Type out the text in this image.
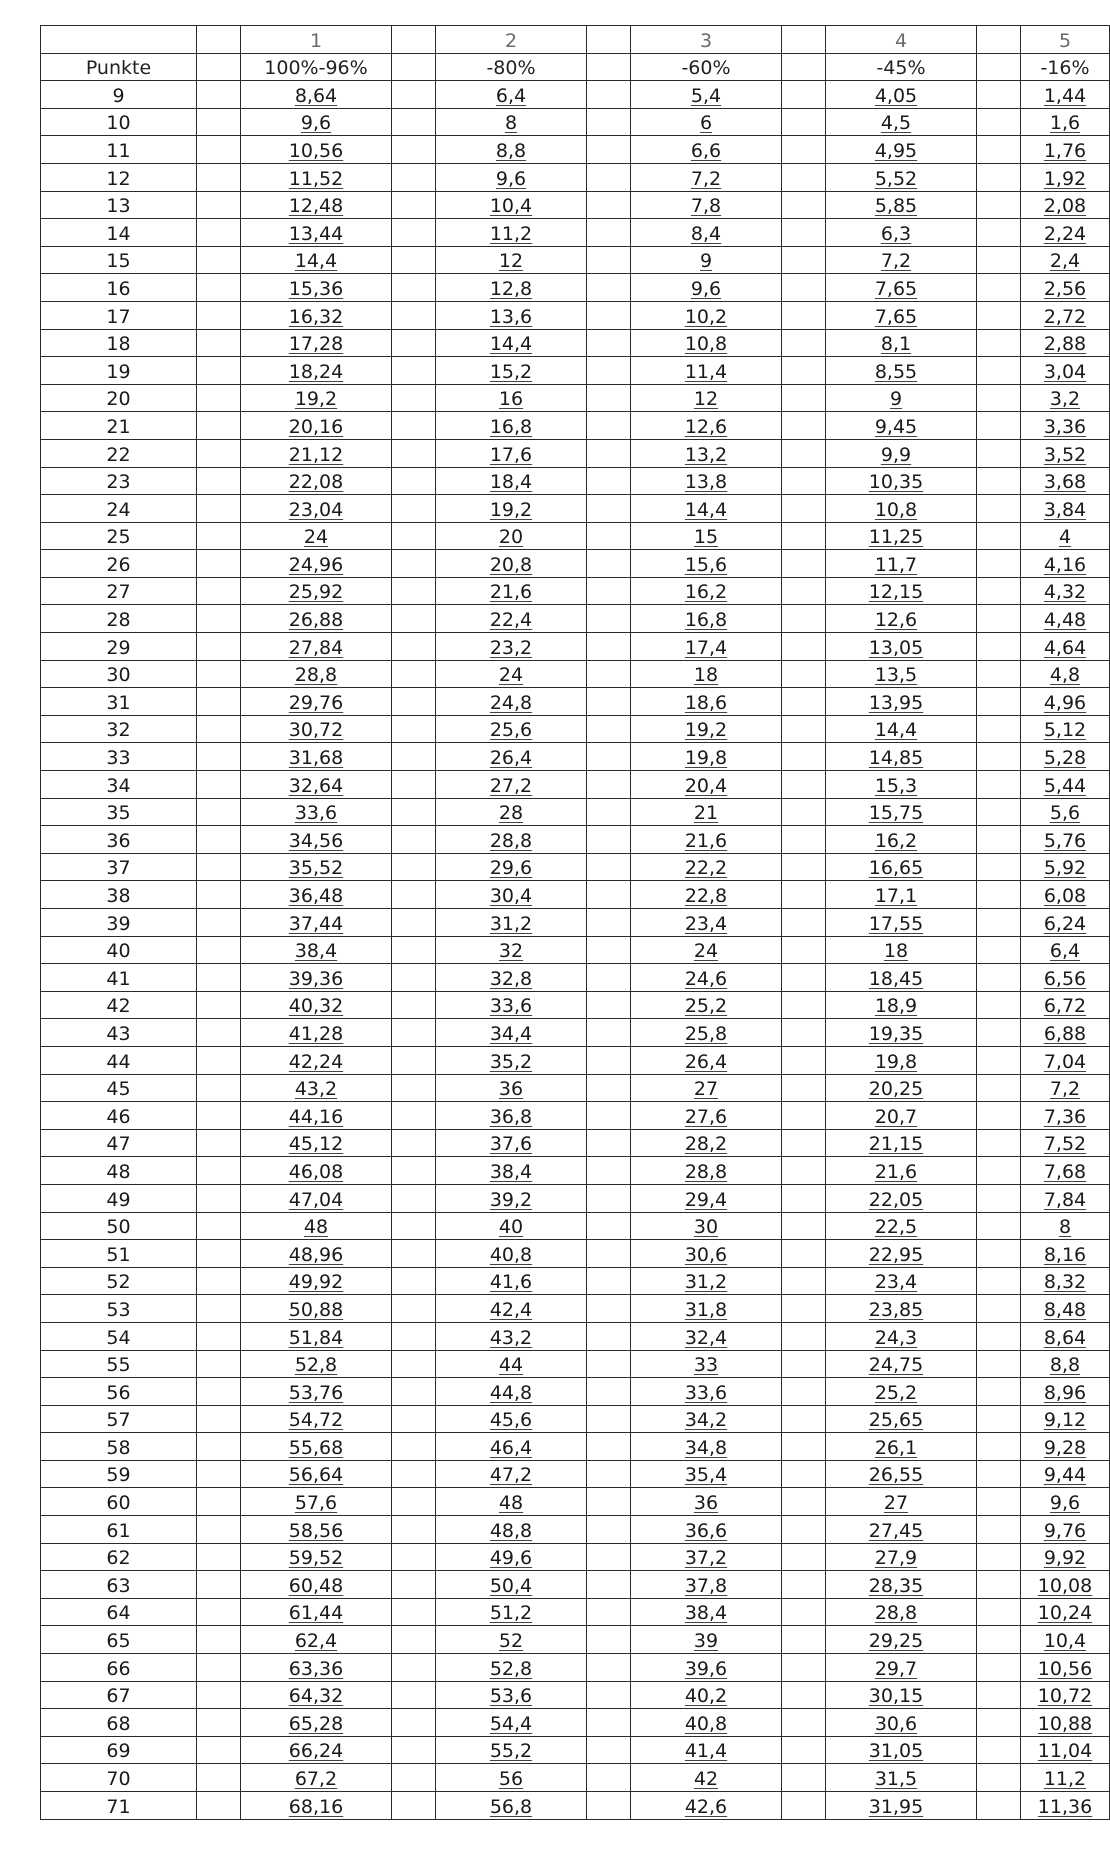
		1		2		3		4		5
Punkte		100%-96%		-80%		-60%		-45%		-16%
9		8,64		6,4		5,4		4,05		1,44
10		9,6		8		6		4,5		1,6
11		10,56		8,8		6,6		4,95		1,76
12		11,52		9,6		7,2		5,52		1,92
13		12,48		10,4		7,8		5,85		2,08
14		13,44		11,2		8,4		6,3		2,24
15		14,4		12		9		7,2		2,4
16		15,36		12,8		9,6		7,65		2,56
17		16,32		13,6		10,2		7,65		2,72
18		17,28		14,4		10,8		8,1		2,88
19		18,24		15,2		11,4		8,55		3,04
20		19,2		16		12		9		3,2
21		20,16		16,8		12,6		9,45		3,36
22		21,12		17,6		13,2		9,9		3,52
23		22,08		18,4		13,8		10,35		3,68
24		23,04		19,2		14,4		10,8		3,84
25		24		20		15		11,25		4
26		24,96		20,8		15,6		11,7		4,16
27		25,92		21,6		16,2		12,15		4,32
28		26,88		22,4		16,8		12,6		4,48
29		27,84		23,2		17,4		13,05		4,64
30		28,8		24		18		13,5		4,8
31		29,76		24,8		18,6		13,95		4,96
32		30,72		25,6		19,2		14,4		5,12
33		31,68		26,4		19,8		14,85		5,28
34		32,64		27,2		20,4		15,3		5,44
35		33,6		28		21		15,75		5,6
36		34,56		28,8		21,6		16,2		5,76
37		35,52		29,6		22,2		16,65		5,92
38		36,48		30,4		22,8		17,1		6,08
39		37,44		31,2		23,4		17,55		6,24
40		38,4		32		24		18		6,4
41		39,36		32,8		24,6		18,45		6,56
42		40,32		33,6		25,2		18,9		6,72
43		41,28		34,4		25,8		19,35		6,88
44		42,24		35,2		26,4		19,8		7,04
45		43,2		36		27		20,25		7,2
46		44,16		36,8		27,6		20,7		7,36
47		45,12		37,6		28,2		21,15		7,52
48		46,08		38,4		28,8		21,6		7,68
49		47,04		39,2		29,4		22,05		7,84
50		48		40		30		22,5		8
51		48,96		40,8		30,6		22,95		8,16
52		49,92		41,6		31,2		23,4		8,32
53		50,88		42,4		31,8		23,85		8,48
54		51,84		43,2		32,4		24,3		8,64
55		52,8		44		33		24,75		8,8
56		53,76		44,8		33,6		25,2		8,96
57		54,72		45,6		34,2		25,65		9,12
58		55,68		46,4		34,8		26,1		9,28
59		56,64		47,2		35,4		26,55		9,44
60		57,6		48		36		27		9,6
61		58,56		48,8		36,6		27,45		9,76
62		59,52		49,6		37,2		27,9		9,92
63		60,48		50,4		37,8		28,35		10,08
64		61,44		51,2		38,4		28,8		10,24
65		62,4		52		39		29,25		10,4
66		63,36		52,8		39,6		29,7		10,56
67		64,32		53,6		40,2		30,15		10,72
68		65,28		54,4		40,8		30,6		10,88
69		66,24		55,2		41,4		31,05		11,04
70		67,2		56		42		31,5		11,2
71		68,16		56,8		42,6		31,95		11,36
